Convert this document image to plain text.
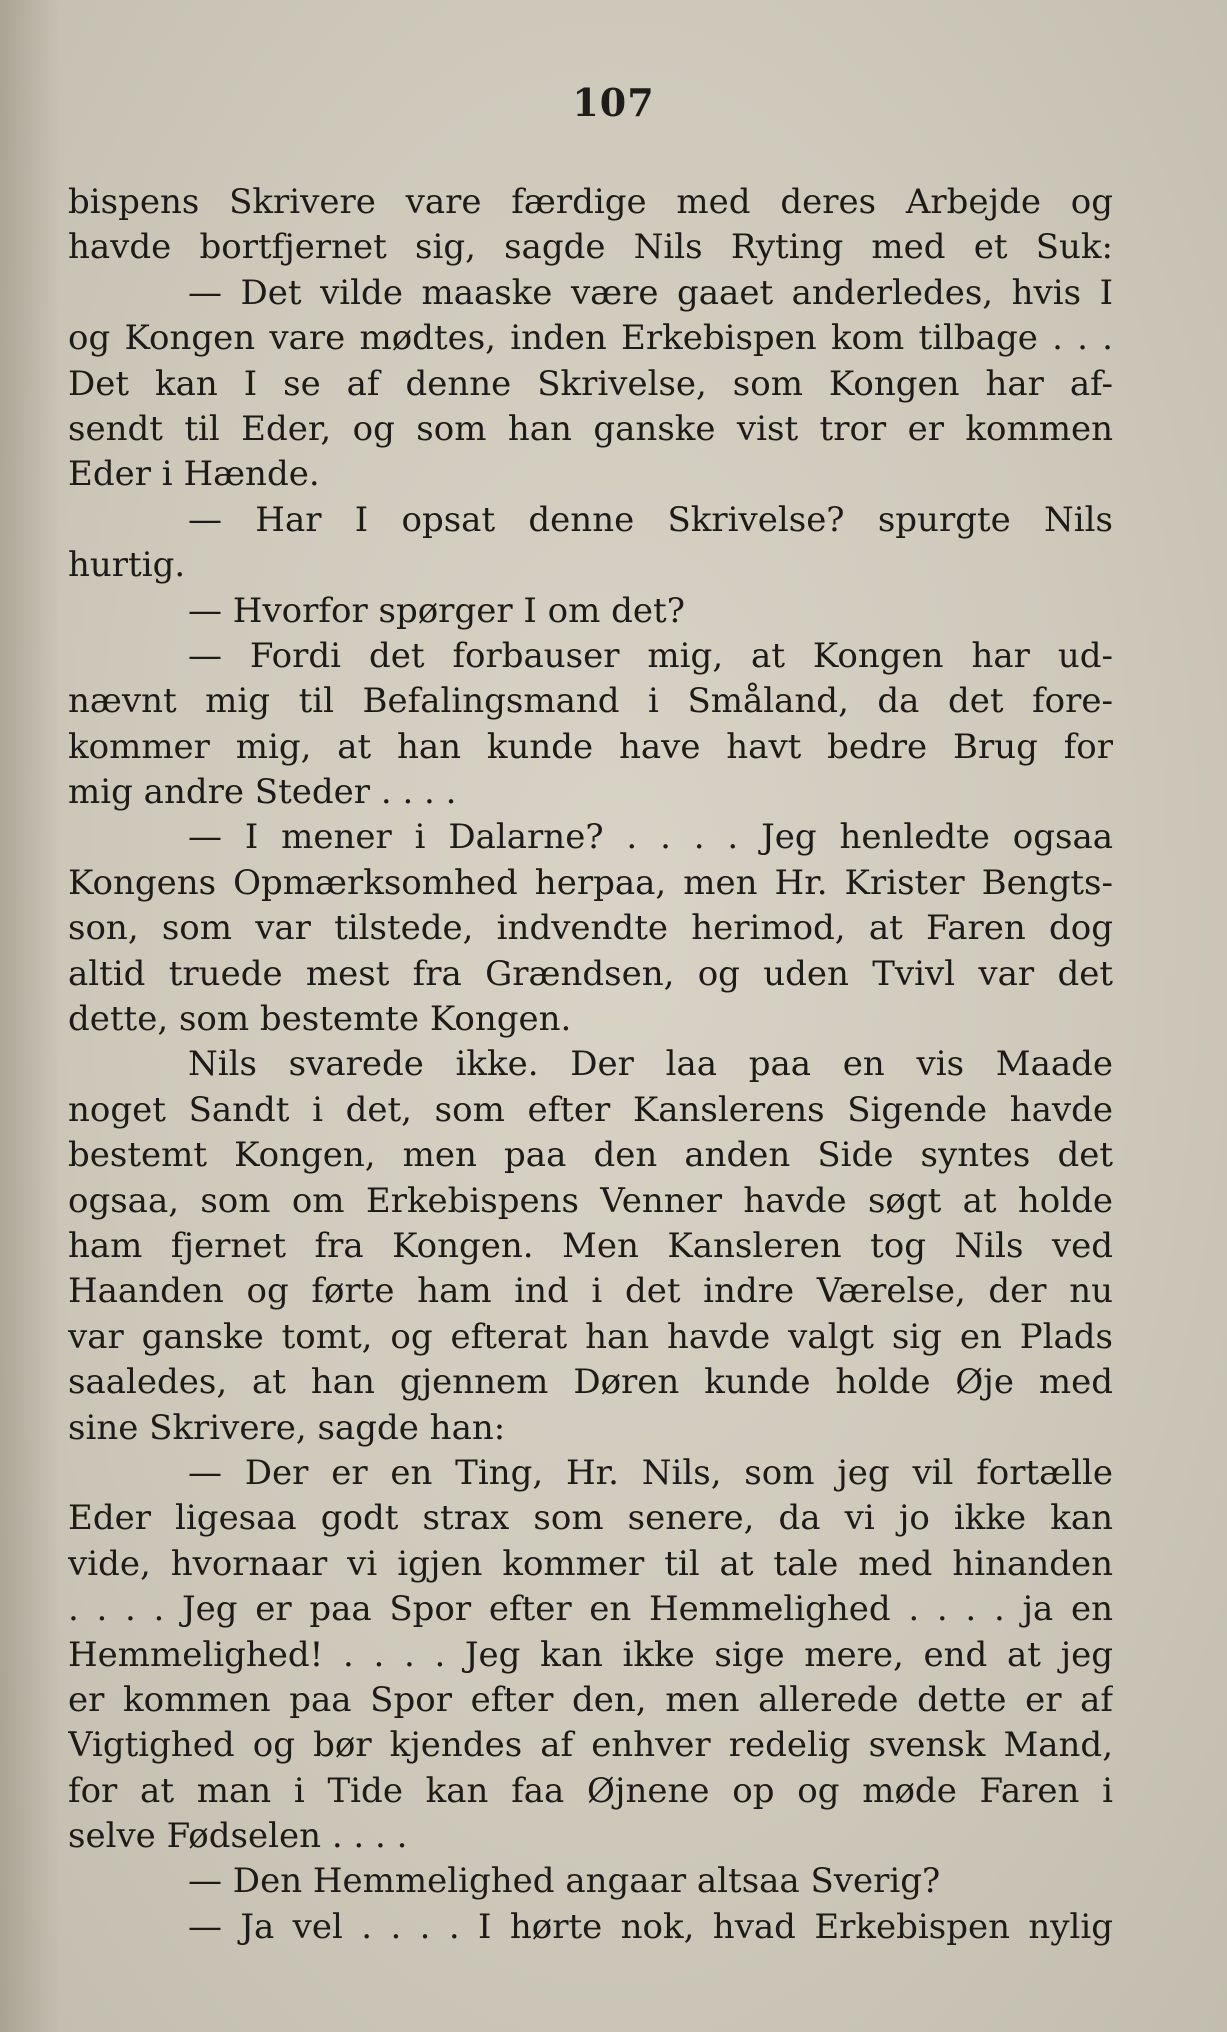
107
bispens Skrivere vare færdige med deres Arbejde og
havde bortfjernet sig, sagde Nils Ryting med et Suk:
— Det vilde maaske være gaaet anderledes, hvis I
og Kongen vare mødtes, inden Erkebispen kom tilbage . . .
Det kan I se af denne Skrivelse, som Kongen har af-
sendt til Eder, og som han ganske vist tror er kommen
Eder i Hænde.
— Har I opsat denne Skrivelse? spurgte Nils
hurtig.
— Hvorfor spørger I om det?
— Fordi det forbauser mig, at Kongen har ud-
nævnt mig til Befalingsmand i Småland, da det fore-
kommer mig, at han kunde have havt bedre Brug for
mig andre Steder . . . .
— I mener i Dalarne? . . . . Jeg henledte ogsaa
Kongens Opmærksomhed herpaa, men Hr. Krister Bengts-
son, som var tilstede, indvendte herimod, at Faren dog
altid truede mest fra Grændsen, og uden Tvivl var det
dette, som bestemte Kongen.
Nils svarede ikke. Der laa paa en vis Maade
noget Sandt i det, som efter Kanslerens Sigende havde
bestemt Kongen, men paa den anden Side syntes det
ogsaa, som om Erkebispens Venner havde søgt at holde
ham fjernet fra Kongen. Men Kansleren tog Nils ved
Haanden og førte ham ind i det indre Værelse, der nu
var ganske tomt, og efterat han havde valgt sig en Plads
saaledes, at han gjennem Døren kunde holde Øje med
sine Skrivere, sagde han:
— Der er en Ting, Hr. Nils, som jeg vil fortælle
Eder ligesaa godt strax som senere, da vi jo ikke kan
vide, hvornaar vi igjen kommer til at tale med hinanden
. . . . Jeg er paa Spor efter en Hemmelighed . . . . ja en
Hemmelighed! . . . . Jeg kan ikke sige mere, end at jeg
er kommen paa Spor efter den, men allerede dette er af
Vigtighed og bør kjendes af enhver redelig svensk Mand,
for at man i Tide kan faa Øjnene op og møde Faren i
selve Fødselen . . . .
— Den Hemmelighed angaar altsaa Sverig?
— Ja vel . . . . I hørte nok, hvad Erkebispen nylig
